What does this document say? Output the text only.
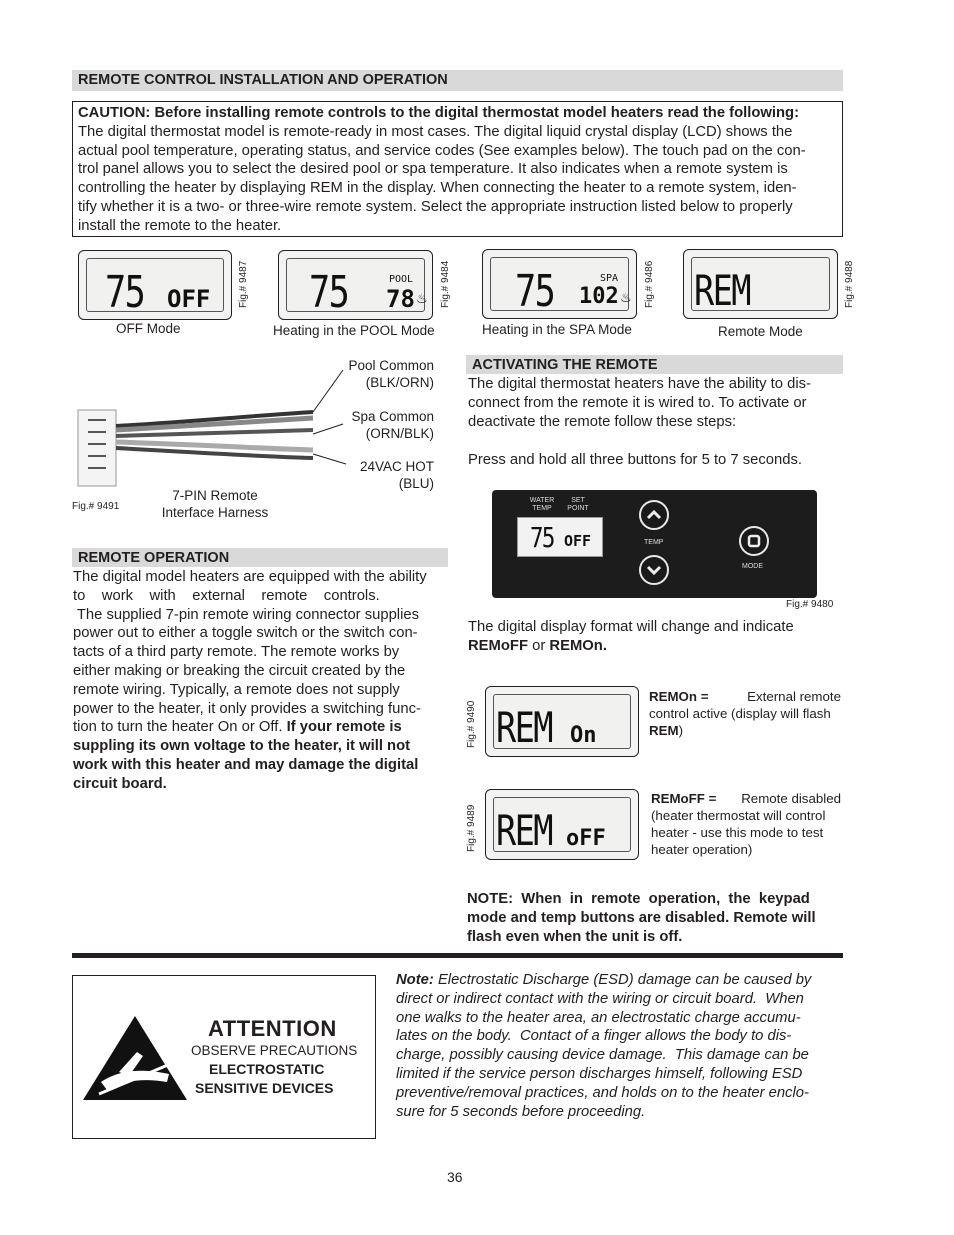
REMOTE CONTROL INSTALLATION AND OPERATION
CAUTION: Before installing remote controls to the digital thermostat model heaters read the following:
The digital thermostat model is remote-ready in most cases. The digital liquid crystal display (LCD) shows the
actual pool temperature, operating status, and service codes (See examples below). The touch pad on the con-
trol panel allows you to select the desired pool or spa temperature. It also indicates when a remote system is
controlling the heater by displaying REM in the display. When connecting the heater to a remote system, iden-
tify whether it is a two- or three-wire remote system. Select the appropriate instruction listed below to properly
install the remote to the heater.
75 OFF	Fig.# 9487
OFF Mode
75	POOL
78 ♨ Fig.# 9484
Heating in the POOL Mode
75	SPA
102 ♨ Fig.# 9486
Heating in the SPA Mode
REM	Fig.# 9488
Remote Mode
Pool Common
(BLK/ORN)
Spa Common
(ORN/BLK)
24VAC HOT
(BLU)
7-PIN Remote
Interface Harness
Fig.# 9491
REMOTE OPERATION
The digital model heaters are equipped with the ability
to    work    with    external    remote    controls.
The supplied 7-pin remote wiring connector supplies
power out to either a toggle switch or the switch con-
tacts of a third party remote. The remote works by
either making or breaking the circuit created by the
remote wiring. Typically, a remote does not supply
power to the heater, it only provides a switching func-
tion to turn the heater On or Off. If your remote is
suppling its own voltage to the heater, it will not
work with this heater and may damage the digital
circuit board.
ACTIVATING THE REMOTE
The digital thermostat heaters have the ability to dis-
connect from the remote it is wired to. To activate or
deactivate the remote follow these steps:
Press and hold all three buttons for 5 to 7 seconds.
WATER
TEMP
SET
POINT
75 OFF	TEMP
MODE
Fig.# 9480
The digital display format will change and indicate
REMoFF or REMOn.
Fig.# 9490 REM On
REMOn =	External remote
control active (display will flash
REM)
Fig.# 9489 REM oFF
REMoFF = Remote disabled
(heater thermostat will control
heater - use this mode to test
heater operation)
NOTE:  When  in  remote  operation,  the  keypad
mode and temp buttons are disabled. Remote will
flash even when the unit is off.
ATTENTION
OBSERVE PRECAUTIONS
ELECTROSTATIC
SENSITIVE DEVICES
Note: Electrostatic Discharge (ESD) damage can be caused by
direct or indirect contact with the wiring or circuit board.  When
one walks to the heater area, an electrostatic charge accumu-
lates on the body.  Contact of a finger allows the body to dis-
charge, possibly causing device damage.  This damage can be
limited if the service person discharges himself, following ESD
preventive/removal practices, and holds on to the heater enclo-
sure for 5 seconds before proceeding.
36
